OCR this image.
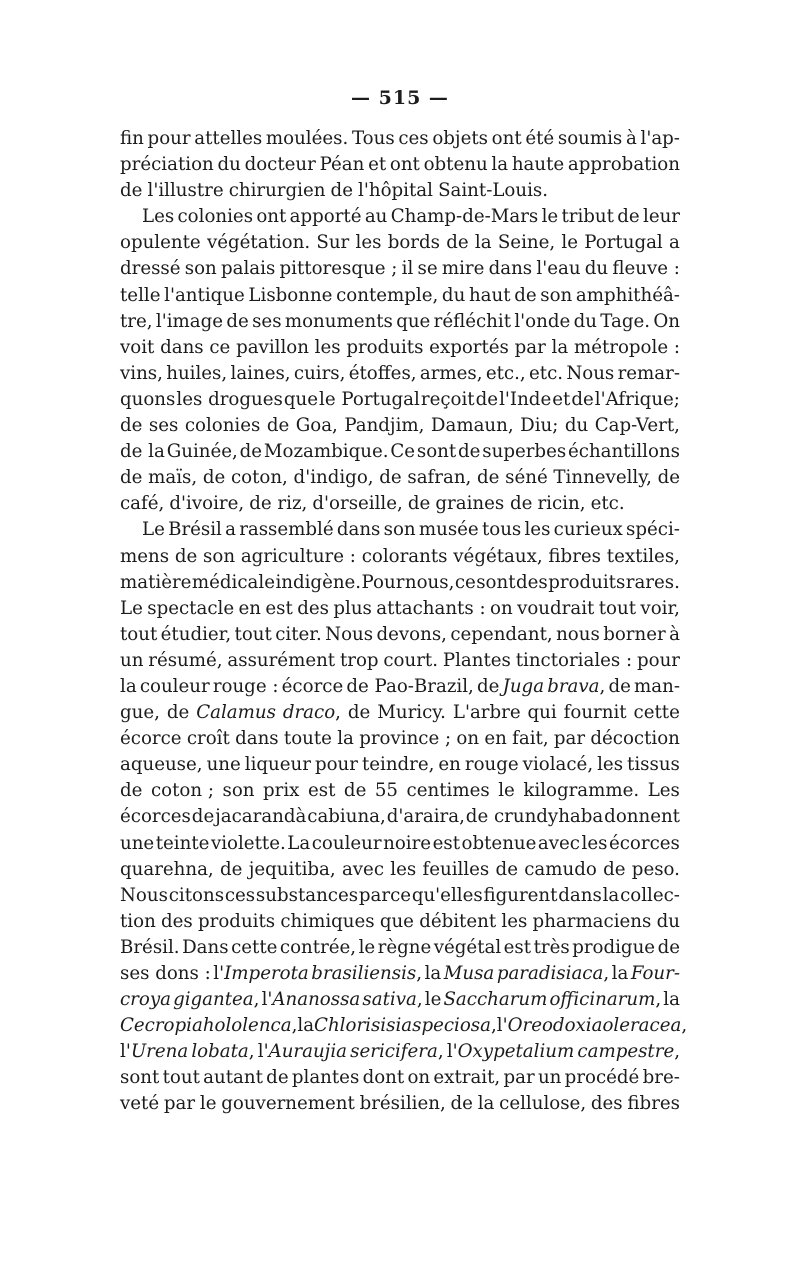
— 515 —
fin pour attelles moulées. Tous ces objets ont été soumis à l'ap-
préciation du docteur Péan et ont obtenu la haute approbation
de l'illustre chirurgien de l'hôpital Saint-Louis.
Les colonies ont apporté au Champ-de-Mars le tribut de leur
opulente végétation. Sur les bords de la Seine, le Portugal a
dressé son palais pittoresque ; il se mire dans l'eau du fleuve :
telle l'antique Lisbonne contemple, du haut de son amphithéâ-
tre, l'image de ses monuments que réfléchit l'onde du Tage. On
voit dans ce pavillon les produits exportés par la métropole :
vins, huiles, laines, cuirs, étoffes, armes, etc., etc. Nous remar-
quons les drogues que le Portugal reçoit de l'Inde et de l'Afrique;
de ses colonies de Goa, Pandjim, Damaun, Diu; du Cap-Vert,
de la Guinée, de Mozambique. Ce sont de superbes échantillons
de maïs, de coton, d'indigo, de safran, de séné Tinnevelly, de
café, d'ivoire, de riz, d'orseille, de graines de ricin, etc.
Le Brésil a rassemblé dans son musée tous les curieux spéci-
mens de son agriculture : colorants végétaux, fibres textiles,
matière médicale indigène. Pour nous, ce sont des produits rares.
Le spectacle en est des plus attachants : on voudrait tout voir,
tout étudier, tout citer. Nous devons, cependant, nous borner à
un résumé, assurément trop court. Plantes tinctoriales : pour
la couleur rouge : écorce de Pao-Brazil, de Juga brava, de man-
gue, de Calamus draco, de Muricy. L'arbre qui fournit cette
écorce croît dans toute la province ; on en fait, par décoction
aqueuse, une liqueur pour teindre, en rouge violacé, les tissus
de coton ; son prix est de 55 centimes le kilogramme. Les
écorces de jacarandà cabiuna, d'araira, de crundyhaba donnent
une teinte violette. La couleur noire est obtenue avec les écorces
quarehna, de jequitiba, avec les feuilles de camudo de peso.
Nous citons ces substances parce qu'elles figurent dans la collec-
tion des produits chimiques que débitent les pharmaciens du
Brésil. Dans cette contrée, le règne végétal est très prodigue de
ses dons : l'Imperota brasiliensis, la Musa paradisiaca, la Four-
croya gigantea, l'Ananossa sativa, le Saccharum officinarum, la
Cecropia hololenca, la Chlorisisia speciosa, l'Oreodoxia oleracea,
l'Urena lobata, l'Auraujia sericifera, l'Oxypetalium campestre,
sont tout autant de plantes dont on extrait, par un procédé bre-
veté par le gouvernement brésilien, de la cellulose, des fibres
